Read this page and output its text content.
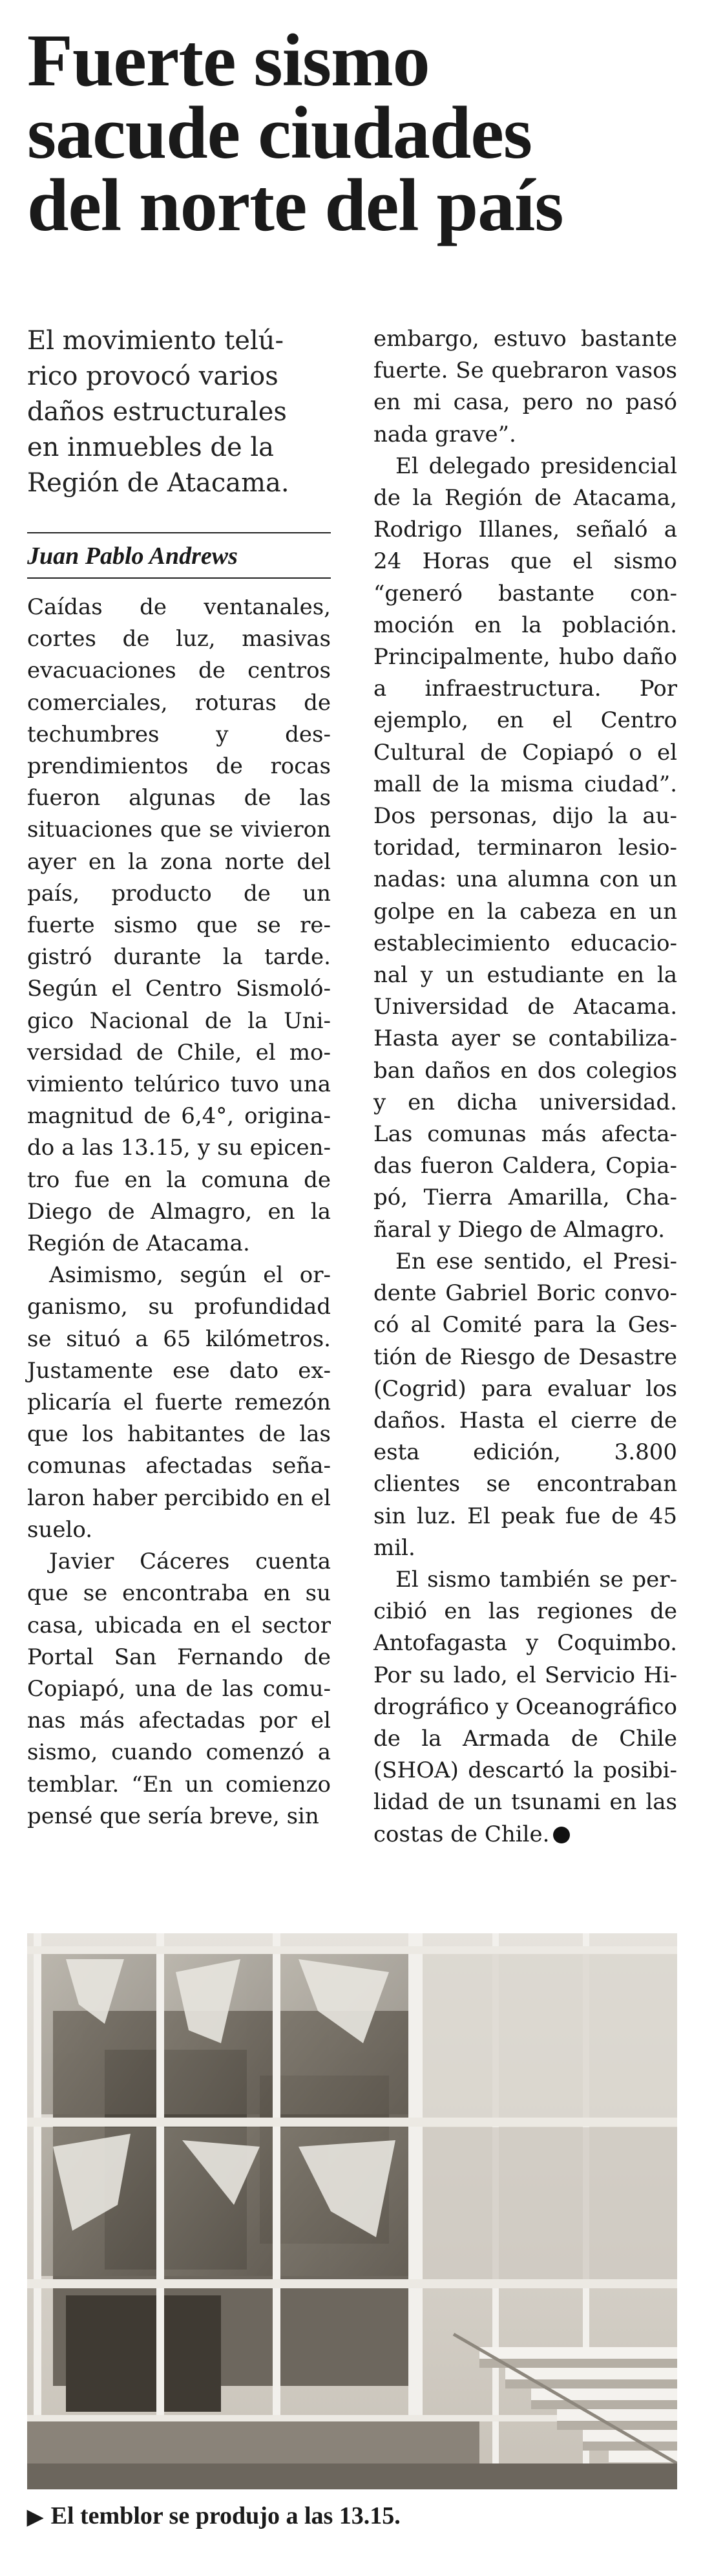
Fuerte sismo
sacude ciudades
del norte del país

El movimiento telú-
rico provocó varios
daños estructurales
en inmuebles de la
Región de Atacama.

Juan Pablo Andrews

Caídas de ventanales, cortes de luz, masivas evacuaciones de centros comerciales, roturas de techumbres y desprendimientos de rocas fueron algunas de las situaciones que se vivieron ayer en la zona norte del país, producto de un fuerte sismo que se registró durante la tarde. Según el Centro Sismológico Nacional de la Universidad de Chile, el movimiento telúrico tuvo una magnitud de 6,4°, originado a las 13.15, y su epicentro fue en la comuna de Diego de Almagro, en la Región de Atacama.

Asimismo, según el organismo, su profundidad se situó a 65 kilómetros. Justamente ese dato explicaría el fuerte remezón que los habitantes de las comunas afectadas señalaron haber percibido en el suelo.

Javier Cáceres cuenta que se encontraba en su casa, ubicada en el sector Portal San Fernando de Copiapó, una de las comunas más afectadas por el sismo, cuando comenzó a temblar. “En un comienzo pensé que sería breve, sin

embargo, estuvo bastante fuerte. Se quebraron vasos en mi casa, pero no pasó nada grave”.

El delegado presidencial de la Región de Atacama, Rodrigo Illanes, señaló a 24 Horas que el sismo “generó bastante conmoción en la población. Principalmente, hubo daño a infraestructura. Por ejemplo, en el Centro Cultural de Copiapó o el mall de la misma ciudad”. Dos personas, dijo la autoridad, terminaron lesionadas: una alumna con un golpe en la cabeza en un establecimiento educacional y un estudiante en la Universidad de Atacama. Hasta ayer se contabilizaban daños en dos colegios y en dicha universidad. Las comunas más afectadas fueron Caldera, Copiapó, Tierra Amarilla, Chañaral y Diego de Almagro.

En ese sentido, el Presidente Gabriel Boric convocó al Comité para la Gestión de Riesgo de Desastre (Cogrid) para evaluar los daños. Hasta el cierre de esta edición, 3.800 clientes se encontraban sin luz. El peak fue de 45 mil.

El sismo también se percibió en las regiones de Antofagasta y Coquimbo. Por su lado, el Servicio Hidrográfico y Oceanográfico de la Armada de Chile (SHOA) descartó la posibilidad de un tsunami en las costas de Chile.

▶ El temblor se produjo a las 13.15.
